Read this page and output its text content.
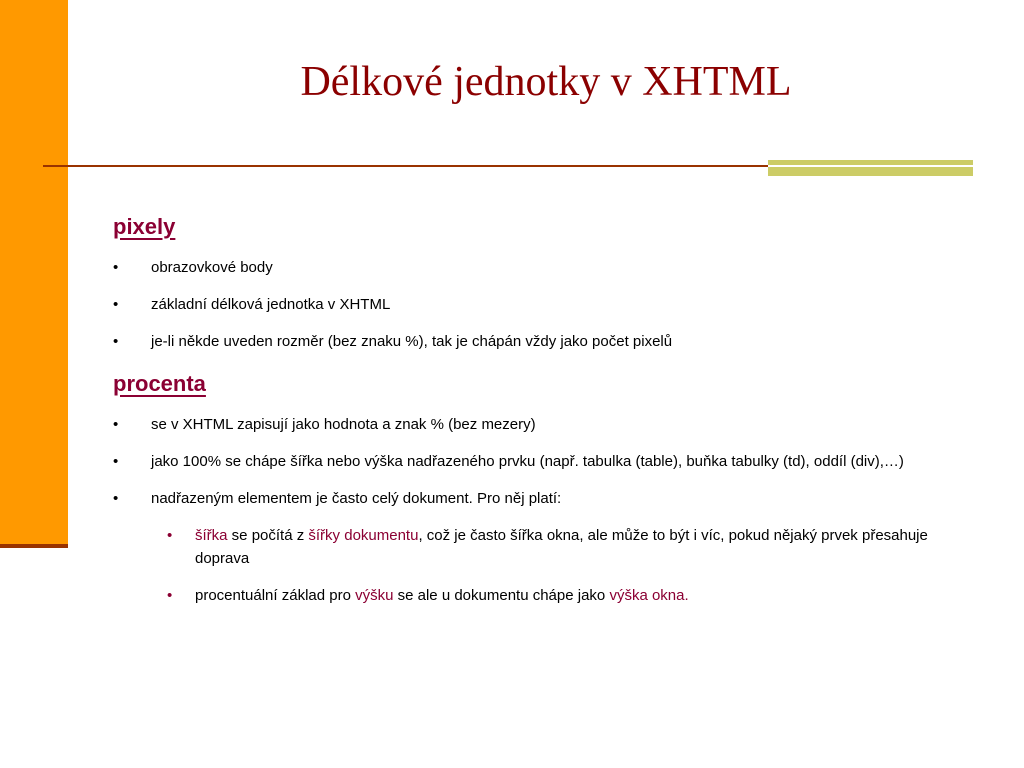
Délkové jednotky v XHTML
pixely
• obrazovkové body
• základní délková jednotka v XHTML
• je-li někde uveden rozměr (bez znaku %), tak je chápán vždy jako počet pixelů
procenta
• se v XHTML zapisují jako hodnota a znak % (bez mezery)
• jako 100% se chápe šířka nebo výška nadřazeného prvku (např. tabulka (table), buňka tabulky (td), oddíl (div),…)
• nadřazeným elementem je často celý dokument. Pro něj platí:
• šířka se počítá z šířky dokumentu, což je často šířka okna, ale může to být i víc, pokud nějaký prvek přesahuje doprava
• procentuální základ pro výšku se ale u dokumentu chápe jako výška okna.
